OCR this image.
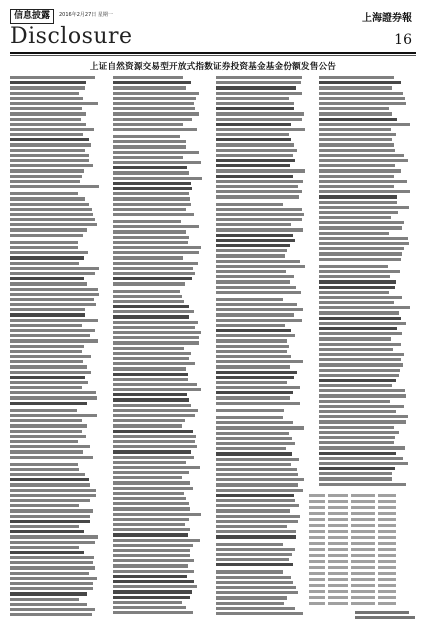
信息披露	2016年2月27日 星期一
Disclosure
上海證券報
16
上证自然资源交易型开放式指数证券投资基金基金份额发售公告
